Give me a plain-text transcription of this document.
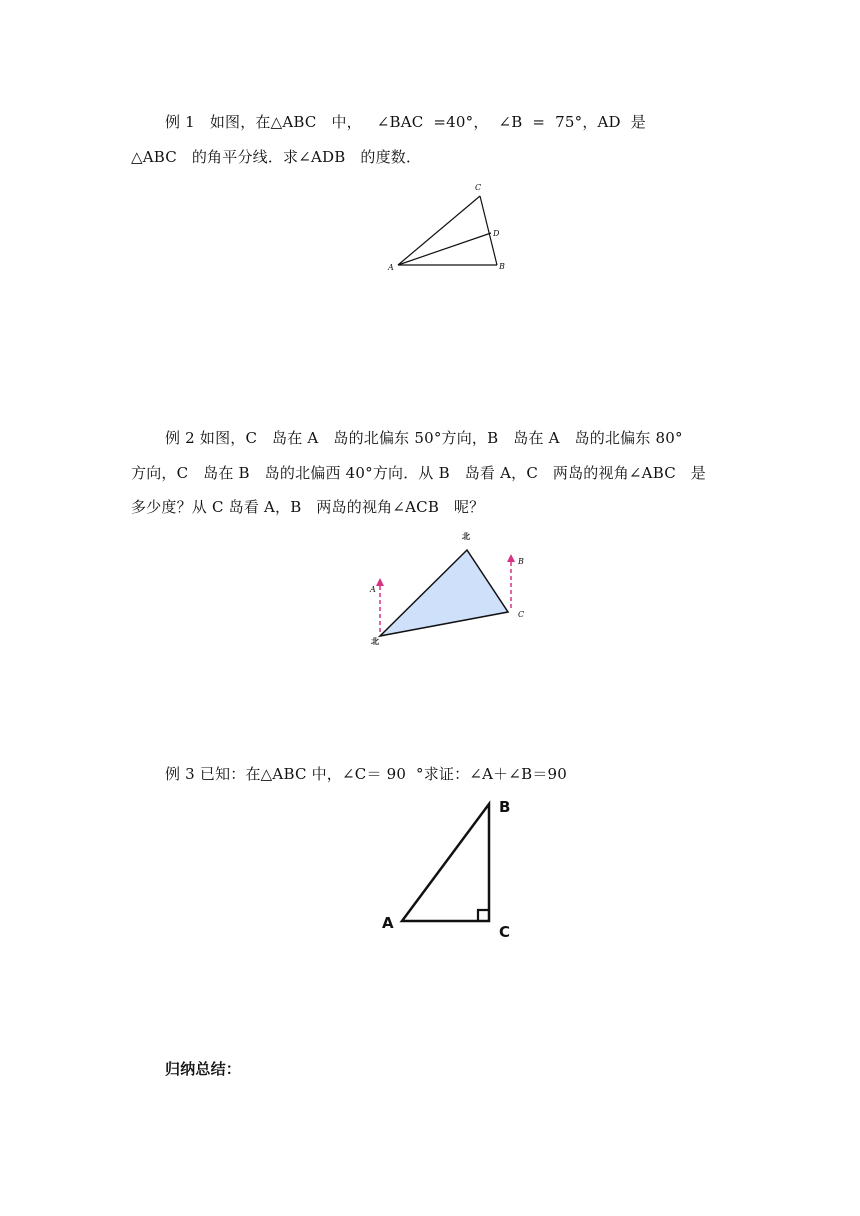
例 1   如图，在△ABC   中，   ∠BAC  =40°，  ∠B  =  75°，AD  是
△ABC   的角平分线．求∠ADB   的度数．
C
D
A	B
例 2 如图，C   岛在 A   岛的北偏东 50°方向，B   岛在 A   岛的北偏东 80°
方向，C   岛在 B   岛的北偏西 40°方向．从 B   岛看 A，C   两岛的视角∠ABC   是
多少度？从 C 岛看 A，B   两岛的视角∠ACB   呢？
北
B
A
C
北
例 3 已知：在△ABC 中，∠C＝ 90  °求证：∠A＋∠B＝90
B
A	C
归纳总结：
